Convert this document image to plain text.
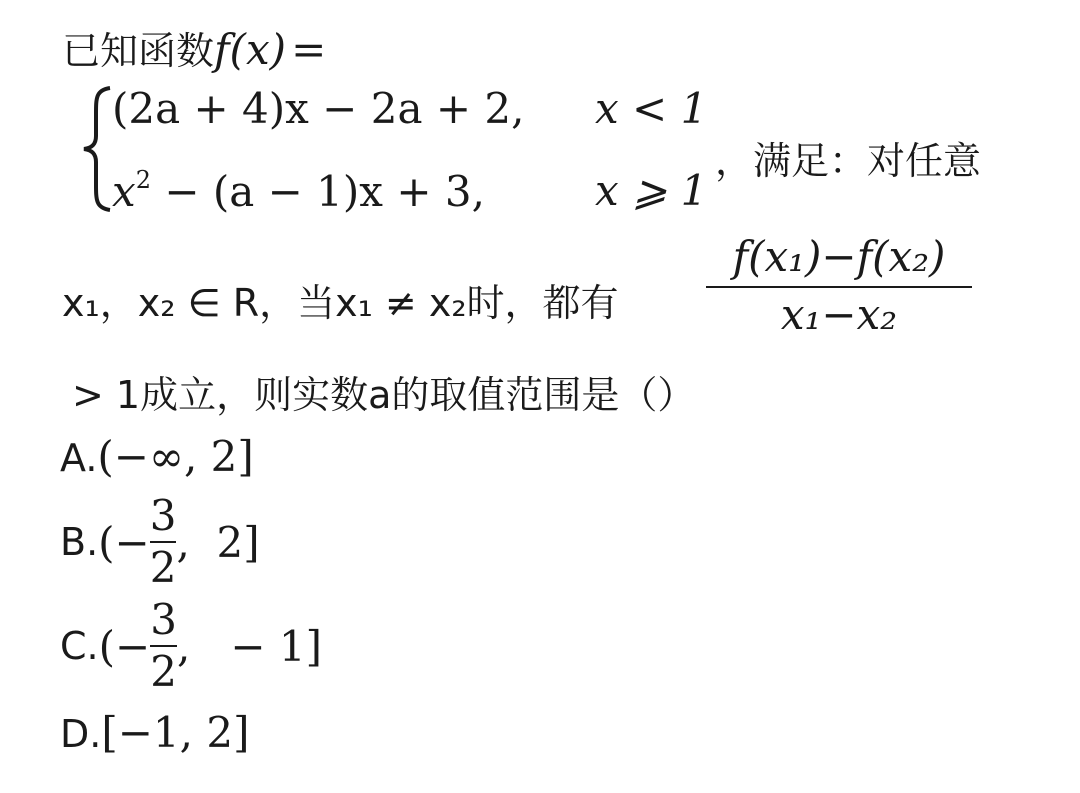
已知函数f(x) =
(2a + 4)x − 2a + 2, x < 1
$x^2 - (a - 1)x + 3$,	x ⩾ 1
，满足：对任意
x₁，x₂ ∈ R，当x₁ ≠ x₂时，都有
f(x₁)−f(x₂)
x₁−x₂
> 1成立，则实数a的取值范围是（）
A.(−∞, 2]
B. (− $\frac{3}{2}$ ,  2]
C. (− $\frac{3}{2}$ ,   − 1]
D.[−1, 2]
